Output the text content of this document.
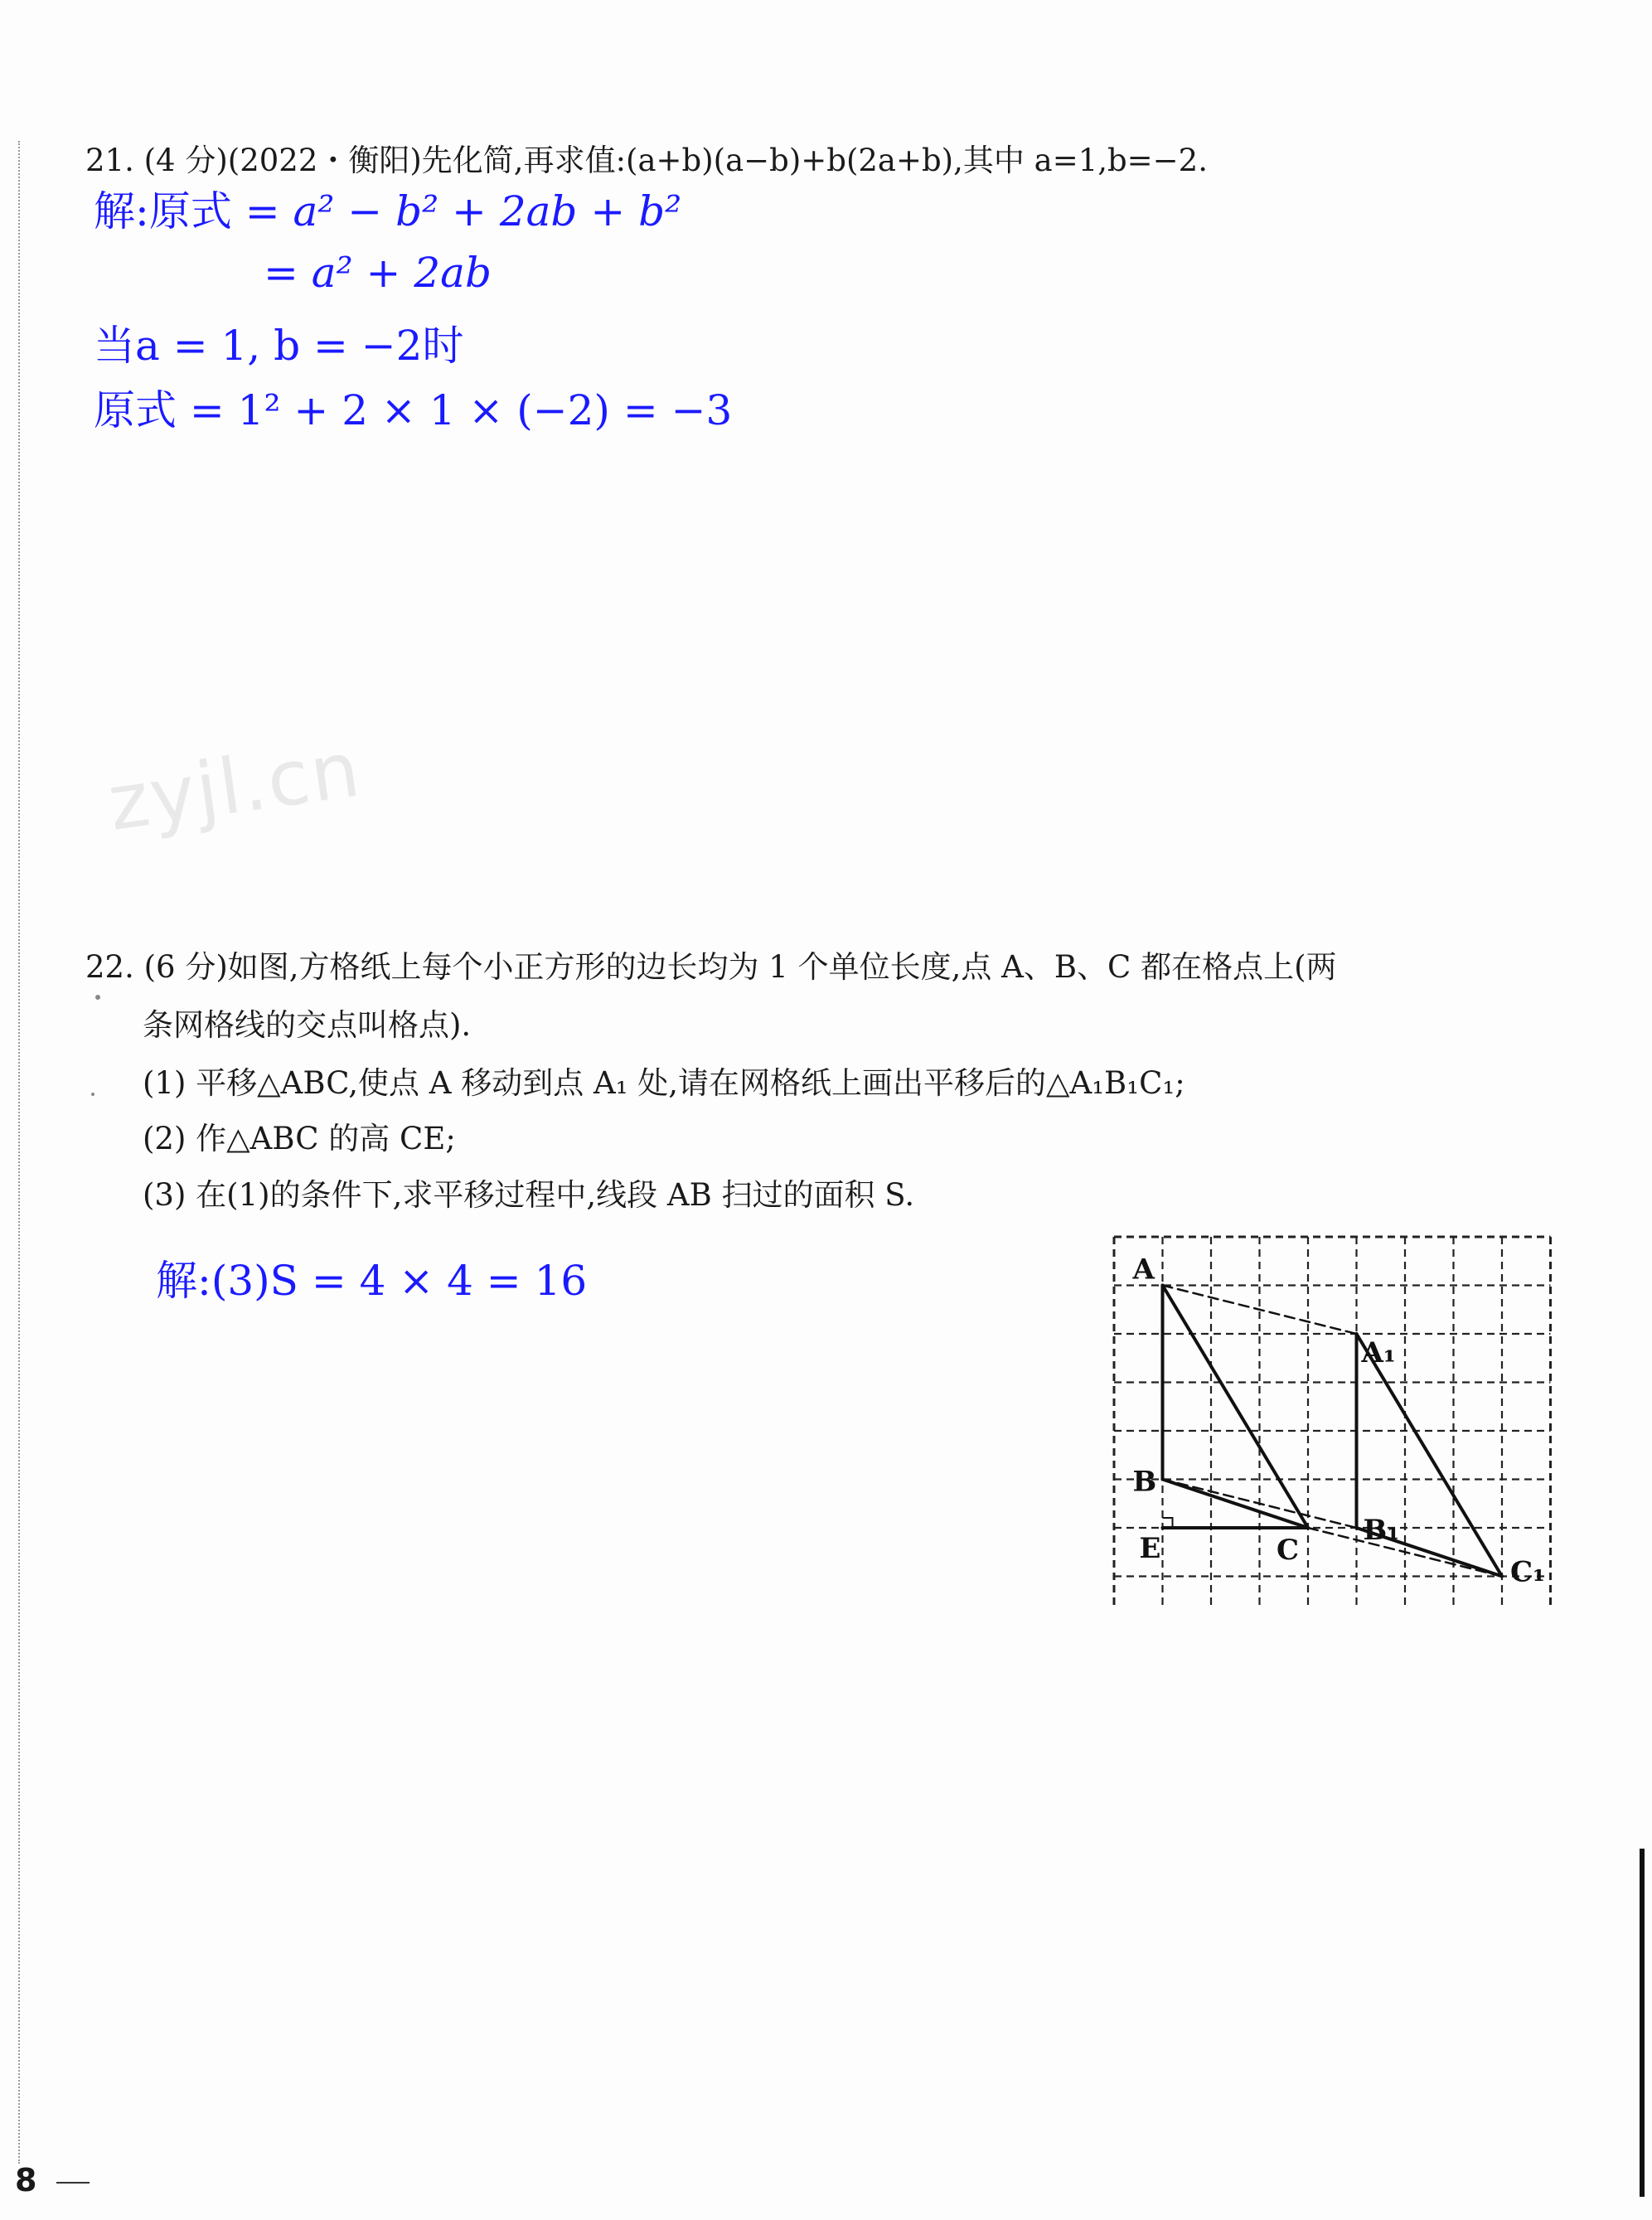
21. (4 分)(2022・衡阳)先化简,再求值:(a+b)(a−b)+b(2a+b),其中 a=1,b=−2.
解:原式 = a² − b² + 2ab + b²
= a² + 2ab
当a = 1, b = −2时
原式 = 1² + 2 × 1 × (−2) = −3
zyjl.cn
22. (6 分)如图,方格纸上每个小正方形的边长均为 1 个单位长度,点 A、B、C 都在格点上(两
条网格线的交点叫格点).
(1) 平移△ABC,使点 A 移动到点 A₁ 处,请在网格纸上画出平移后的△A₁B₁C₁;
(2) 作△ABC 的高 CE;
(3) 在(1)的条件下,求平移过程中,线段 AB 扫过的面积 S.
解:(3)S = 4 × 4 = 16	A
A₁
B
B₁
C
C₁
E
8
